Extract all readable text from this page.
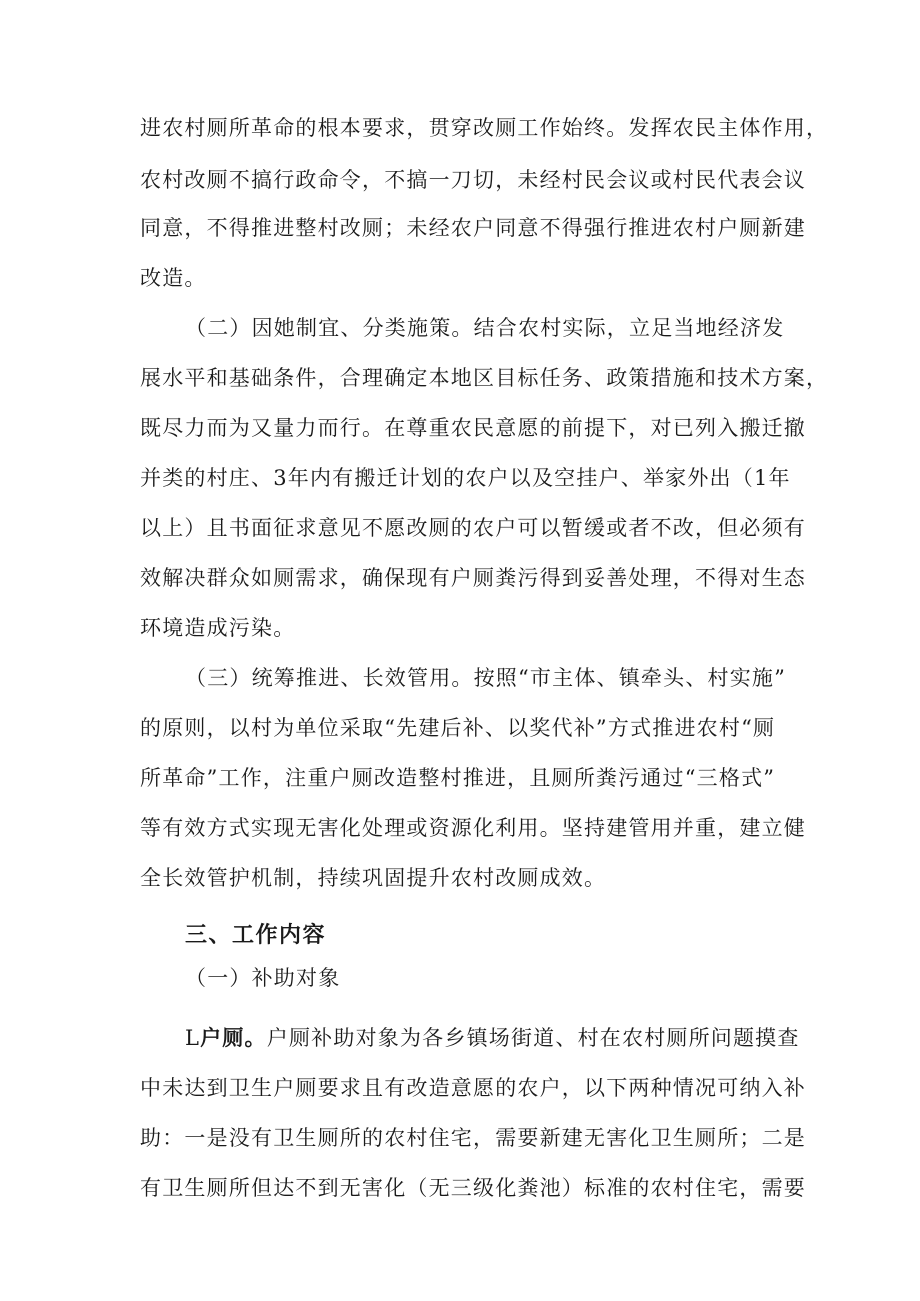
进农村厕所革命的根本要求，贯穿改厕工作始终。发挥农民主体作用，
农村改厕不搞行政命令，不搞一刀切，未经村民会议或村民代表会议
同意，不得推进整村改厕；未经农户同意不得强行推进农村户厕新建
改造。
（二）因她制宜、分类施策。结合农村实际，立足当地经济发
展水平和基础条件，合理确定本地区目标任务、政策措施和技术方案，
既尽力而为又量力而行。在尊重农民意愿的前提下，对已列入搬迁撤
并类的村庄、3年内有搬迁计划的农户以及空挂户、举家外出（1年
以上）且书面征求意见不愿改厕的农户可以暂缓或者不改，但必须有
效解决群众如厕需求，确保现有户厕粪污得到妥善处理，不得对生态
环境造成污染。
（三）统筹推进、长效管用。按照“市主体、镇牵头、村实施”
的原则，以村为单位采取“先建后补、以奖代补”方式推进农村“厕
所革命”工作，注重户厕改造整村推进，且厕所粪污通过“三格式”
等有效方式实现无害化处理或资源化利用。坚持建管用并重，建立健
全长效管护机制，持续巩固提升农村改厕成效。
三、工作内容
（一）补助对象
L户厕。户厕补助对象为各乡镇场街道、村在农村厕所问题摸查
中未达到卫生户厕要求且有改造意愿的农户，以下两种情况可纳入补
助：一是没有卫生厕所的农村住宅，需要新建无害化卫生厕所；二是
有卫生厕所但达不到无害化（无三级化粪池）标准的农村住宅，需要
